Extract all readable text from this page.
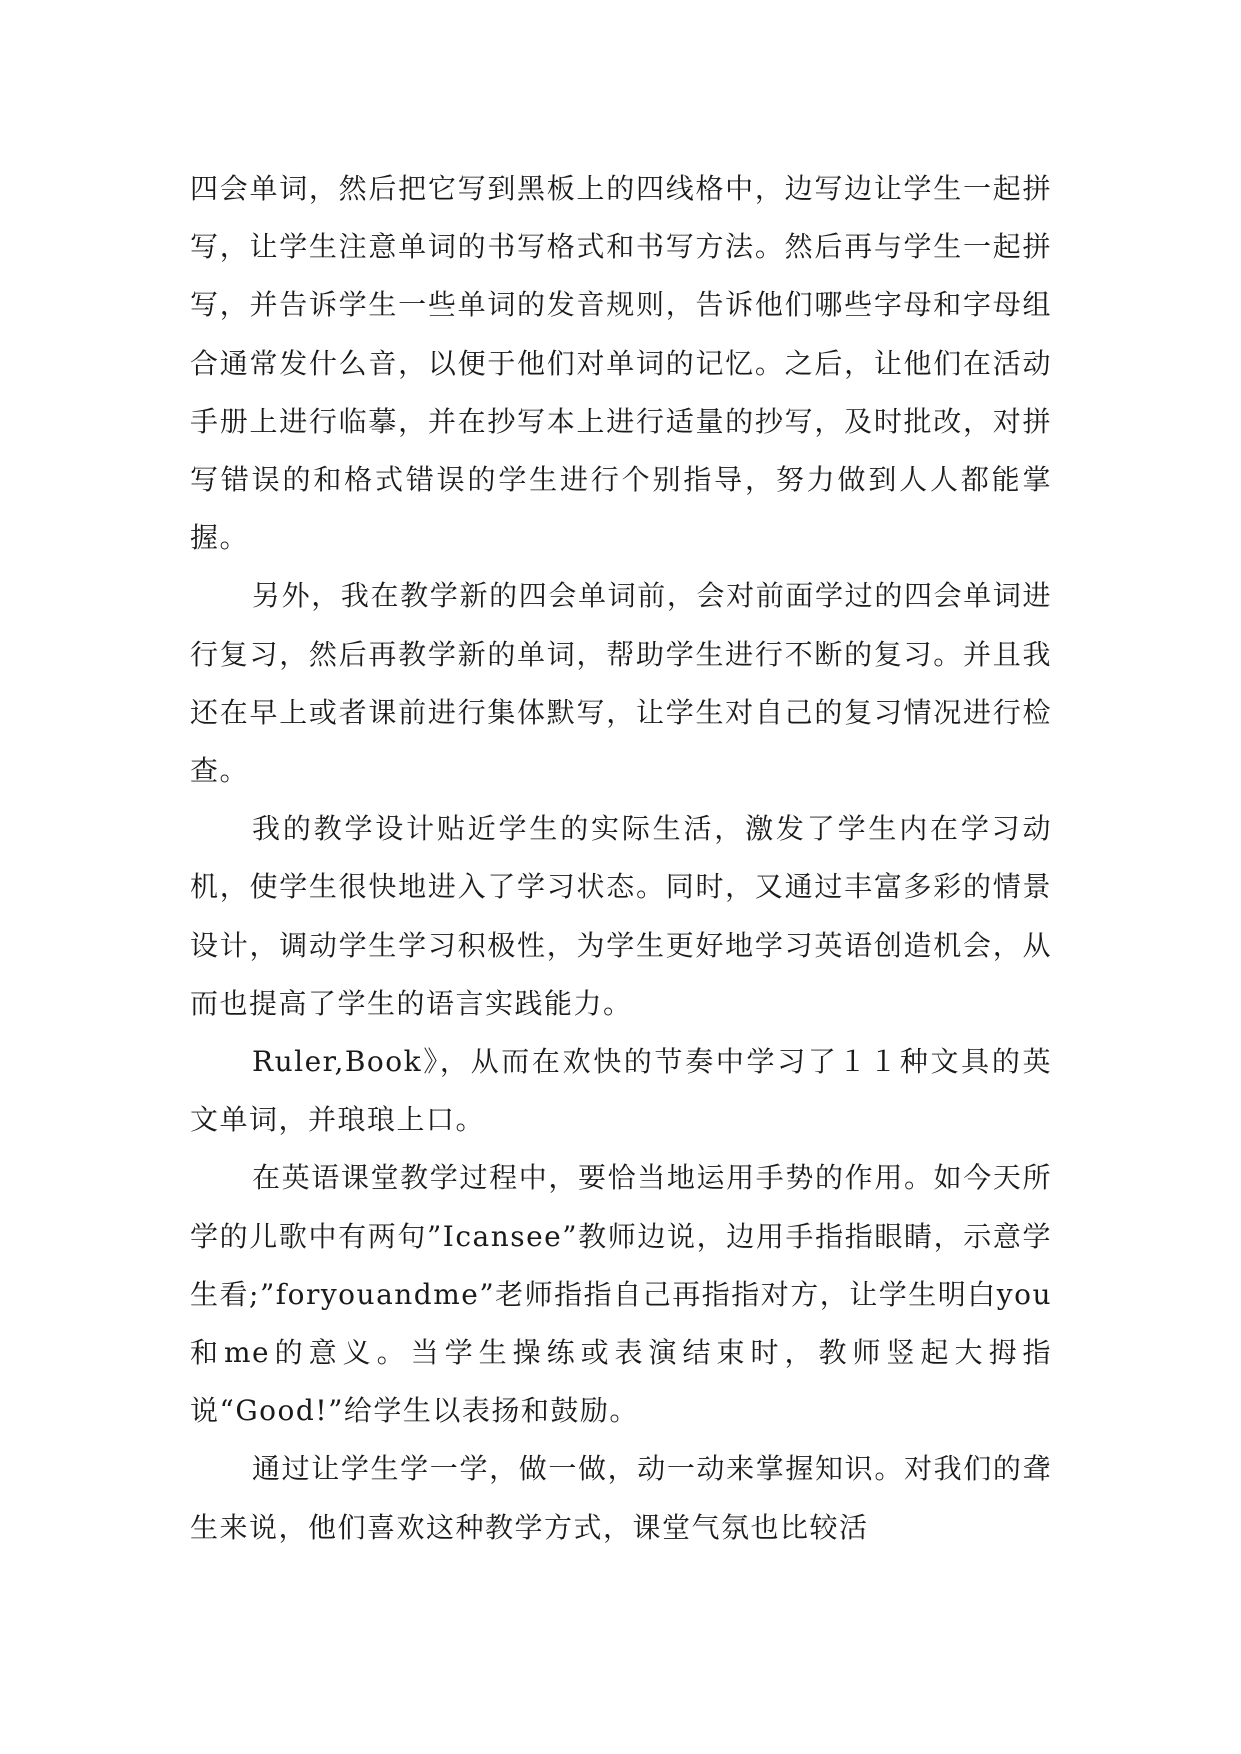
四会单词，然后把它写到黑板上的四线格中，边写边让学生一起拼写，让学生注意单词的书写格式和书写方法。然后再与学生一起拼写，并告诉学生一些单词的发音规则，告诉他们哪些字母和字母组合通常发什么音，以便于他们对单词的记忆。之后，让他们在活动手册上进行临摹，并在抄写本上进行适量的抄写，及时批改，对拼写错误的和格式错误的学生进行个别指导，努力做到人人都能掌握。

另外，我在教学新的四会单词前，会对前面学过的四会单词进行复习，然后再教学新的单词，帮助学生进行不断的复习。并且我还在早上或者课前进行集体默写，让学生对自己的复习情况进行检查。

我的教学设计贴近学生的实际生活，激发了学生内在学习动机，使学生很快地进入了学习状态。同时，又通过丰富多彩的情景设计，调动学生学习积极性，为学生更好地学习英语创造机会，从而也提高了学生的语言实践能力。

Ruler,Book》，从而在欢快的节奏中学习了１１种文具的英文单词，并琅琅上口。

在英语课堂教学过程中，要恰当地运用手势的作用。如今天所学的儿歌中有两句”Icansee”教师边说，边用手指指眼睛，示意学生看;”foryouandme”老师指指自己再指指对方，让学生明白you和me的意义。当学生操练或表演结束时，教师竖起大拇指说“Good!”给学生以表扬和鼓励。

通过让学生学一学，做一做，动一动来掌握知识。对我们的聋生来说，他们喜欢这种教学方式，课堂气氛也比较活
